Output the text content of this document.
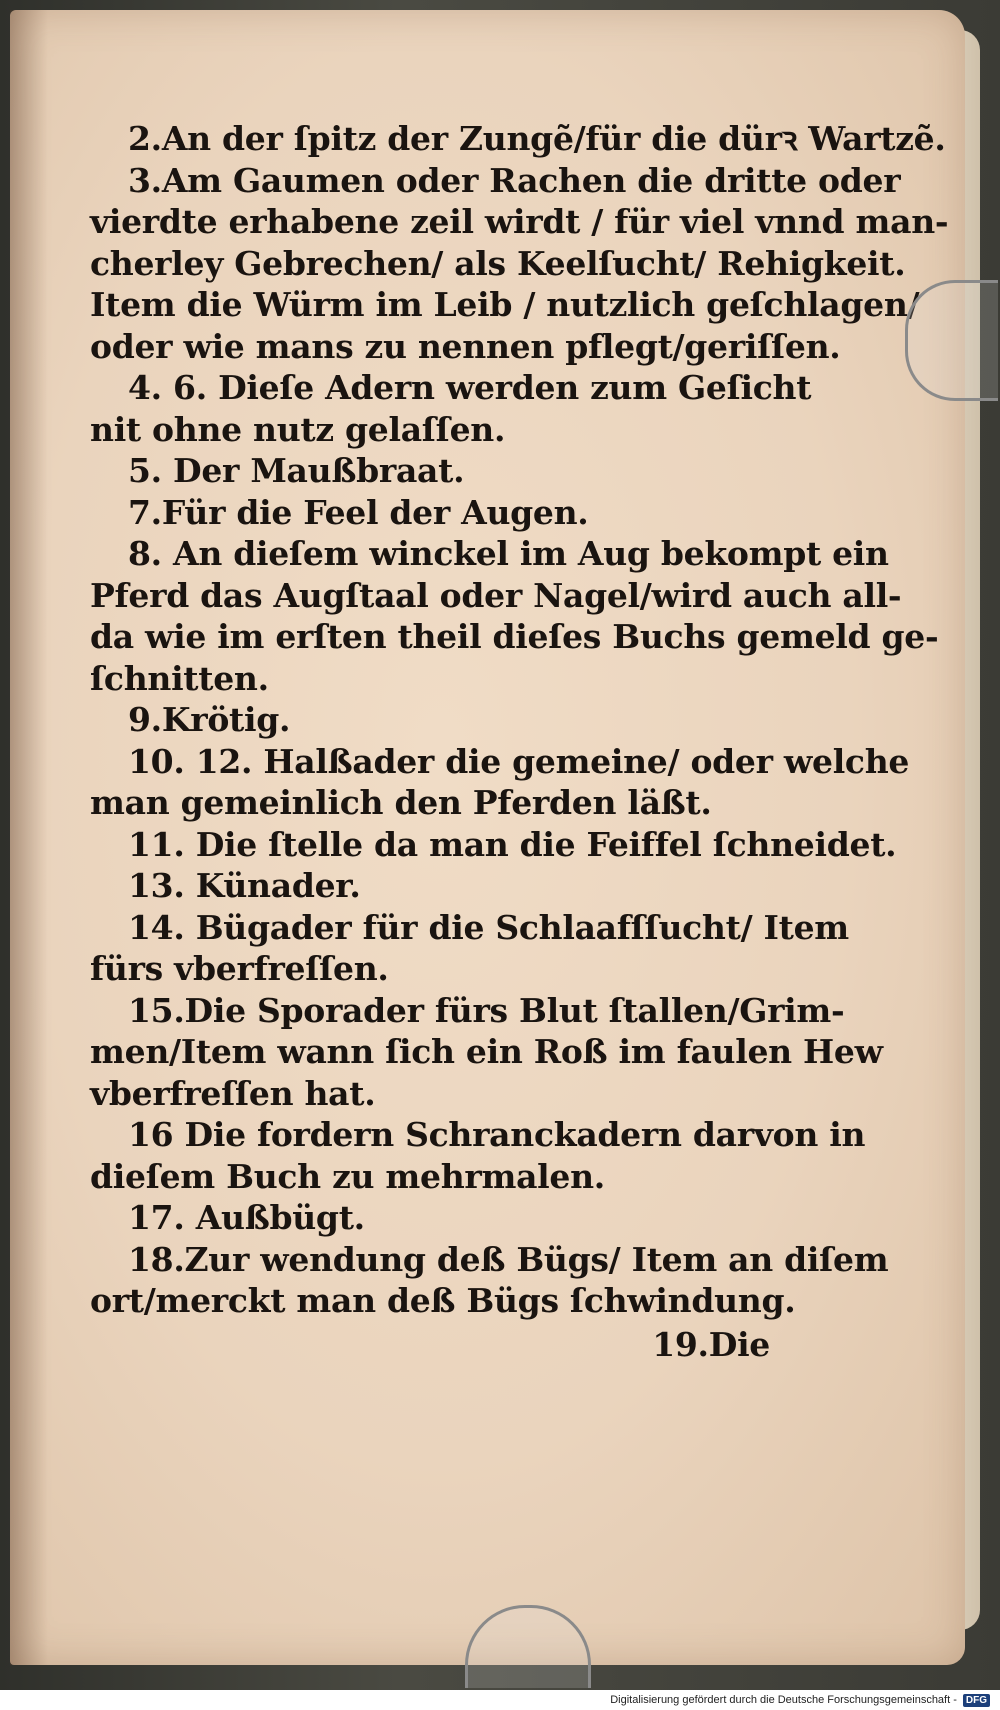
2.An der ſpitz der Zungẽ/für die dürꝛ Wartzẽ.
3.Am Gaumen oder Rachen die dritte oder
vierdte erhabene zeil wirdt / für viel vnnd man-
cherley Gebrechen/ als Keelſucht/ Rehigkeit.
Item die Würm im Leib / nutzlich geſchlagen/
oder wie mans zu nennen pflegt/geriſſen.
4. 6. Dieſe Adern werden zum Geſicht
nit ohne nutz gelaſſen.
5. Der Maußbraat.
7.Für die Feel der Augen.
8. An dieſem winckel im Aug bekompt ein
Pferd das Augſtaal oder Nagel/wird auch all-
da wie im erſten theil dieſes Buchs gemeld ge-
ſchnitten.
9.Krötig.
10. 12. Halßader die gemeine/ oder welche
man gemeinlich den Pferden läßt.
11. Die ſtelle da man die Feiffel ſchneidet.
13. Künader.
14. Bügader für die Schlaafſſucht/ Item
fürs vberfreſſen.
15.Die Sporader fürs Blut ſtallen/Grim-
men/Item wann ſich ein Roß im faulen Hew
vberfreſſen hat.
16 Die fordern Schranckadern darvon in
dieſem Buch zu mehrmalen.
17. Außbügt.
18.Zur wendung deß Bügs/ Item an diſem
ort/merckt man deß Bügs ſchwindung.
19.Die
Digitalisierung gefördert durch die Deutsche Forschungsgemeinschaft - DFG
